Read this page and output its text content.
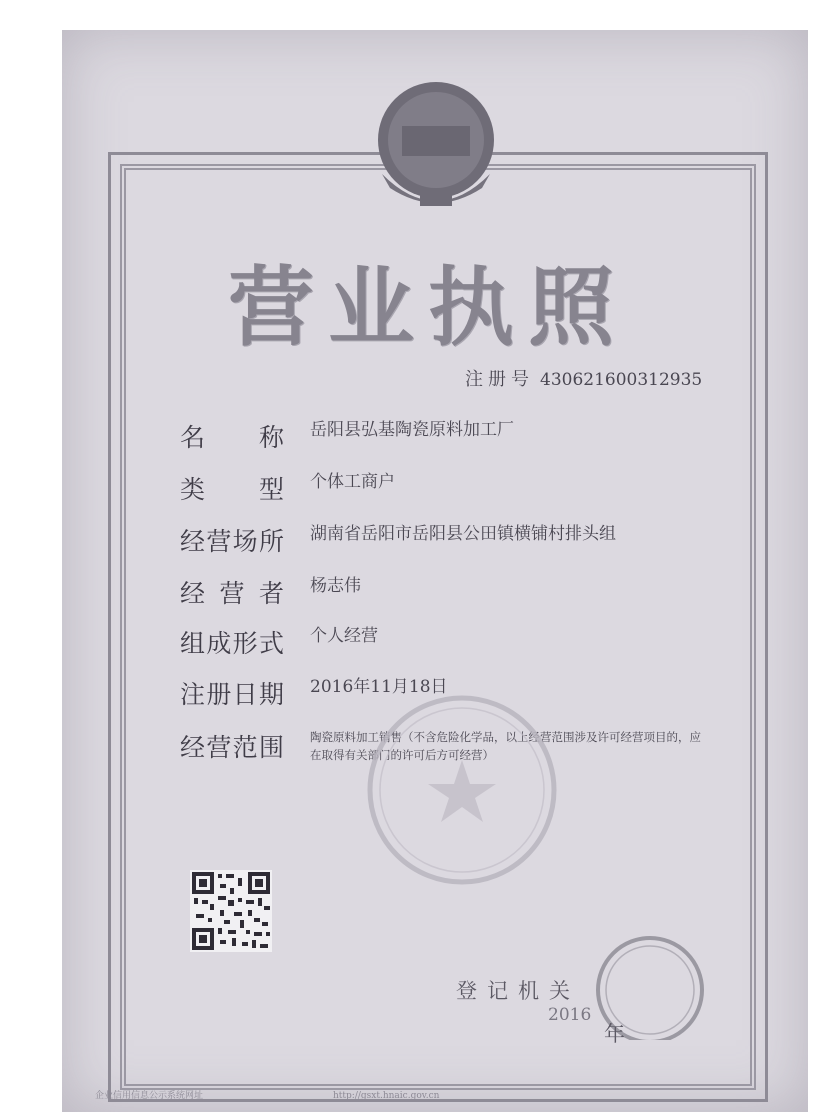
营业执照
注册号 430621600312935
名 称 岳阳县弘基陶瓷原料加工厂
类 型 个体工商户
经营场所 湖南省岳阳市岳阳县公田镇横铺村排头组
经 营 者 杨志伟
组成形式 个人经营
注册日期 2016年11月18日
经营范围 陶瓷原料加工销售（不含危险化学品，以上经营范围涉及许可经营项目的，应在取得有关部门的许可后方可经营）
登记机关
2016
年
企业信用信息公示系统网址	http://gsxt.hnaic.gov.cn
